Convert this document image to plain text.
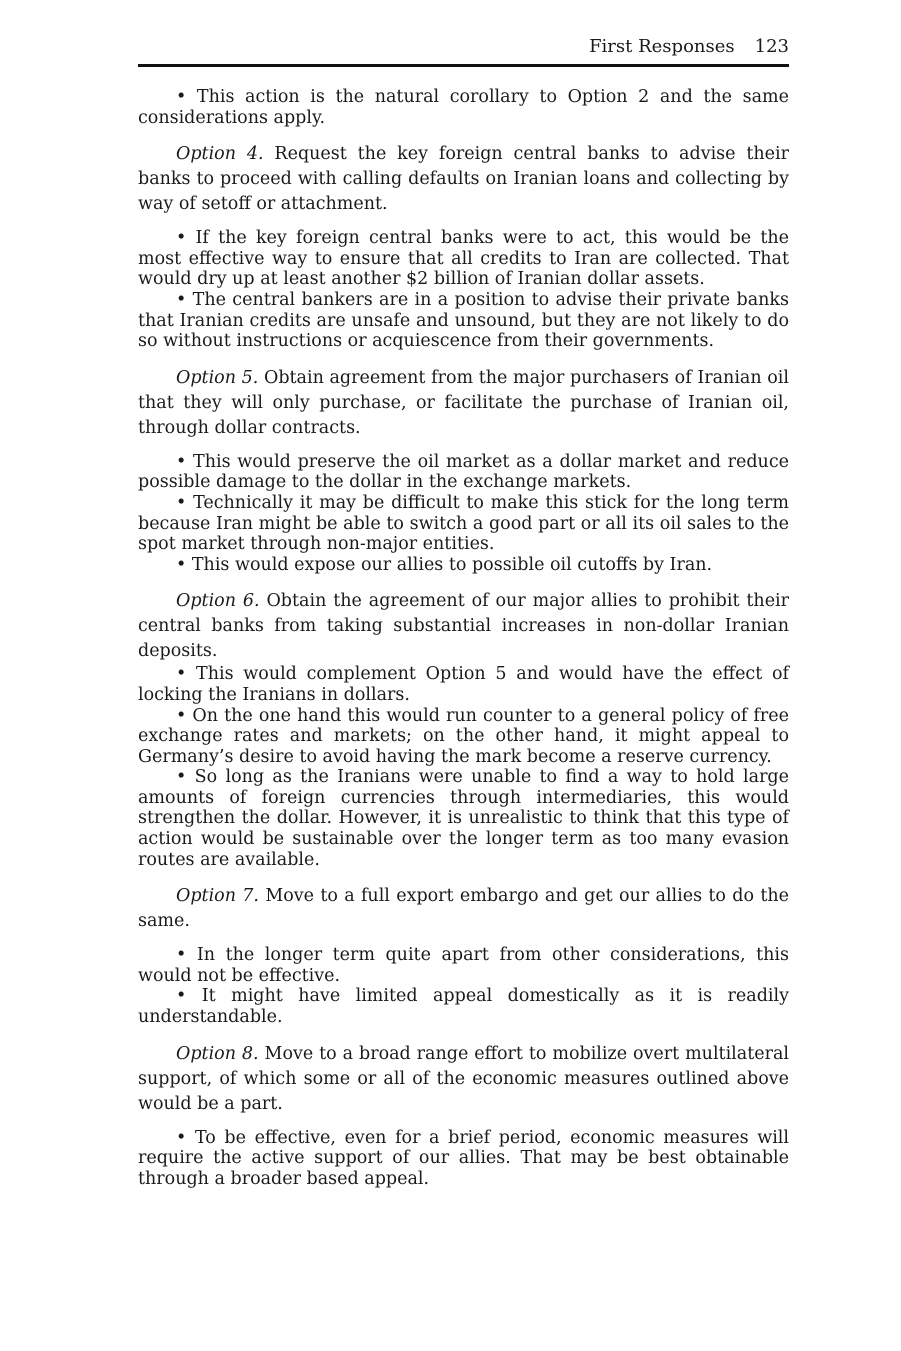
First Responses 123

• This action is the natural corollary to Option 2 and the same considerations apply.

Option 4. Request the key foreign central banks to advise their banks to proceed with calling defaults on Iranian loans and collecting by way of setoff or attachment.

• If the key foreign central banks were to act, this would be the most effective way to ensure that all credits to Iran are collected. That would dry up at least another $2 billion of Iranian dollar assets.

• The central bankers are in a position to advise their private banks that Iranian credits are unsafe and unsound, but they are not likely to do so without instructions or acquiescence from their governments.

Option 5. Obtain agreement from the major purchasers of Iranian oil that they will only purchase, or facilitate the purchase of Iranian oil, through dollar contracts.

• This would preserve the oil market as a dollar market and reduce possible damage to the dollar in the exchange markets.

• Technically it may be difficult to make this stick for the long term because Iran might be able to switch a good part or all its oil sales to the spot market through non-major entities.

• This would expose our allies to possible oil cutoffs by Iran.

Option 6. Obtain the agreement of our major allies to prohibit their central banks from taking substantial increases in non-dollar Iranian deposits.

• This would complement Option 5 and would have the effect of locking the Iranians in dollars.

• On the one hand this would run counter to a general policy of free exchange rates and markets; on the other hand, it might appeal to Germany’s desire to avoid having the mark become a reserve currency.

• So long as the Iranians were unable to find a way to hold large amounts of foreign currencies through intermediaries, this would strengthen the dollar. However, it is unrealistic to think that this type of action would be sustainable over the longer term as too many evasion routes are available.

Option 7. Move to a full export embargo and get our allies to do the same.

• In the longer term quite apart from other considerations, this would not be effective.

• It might have limited appeal domestically as it is readily understandable.

Option 8. Move to a broad range effort to mobilize overt multilateral support, of which some or all of the economic measures outlined above would be a part.

• To be effective, even for a brief period, economic measures will require the active support of our allies. That may be best obtainable through a broader based appeal.
